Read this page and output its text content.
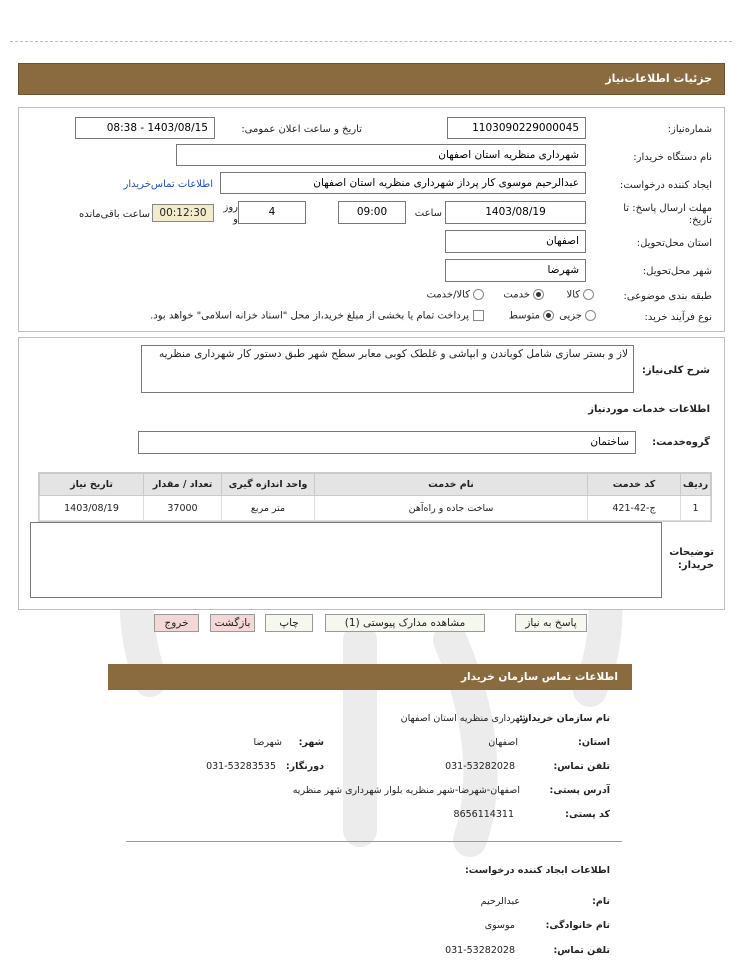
جزئیات اطلاعات‌نیاز
شماره‌نیاز:
1103090229000045
تاریخ و ساعت اعلان عمومی:
1403/08/15 - 08:38
نام دستگاه خریدار:
شهرداری منظریه استان اصفهان
ایجاد کننده درخواست:
عبدالرحیم موسوی کار پرداز شهرداری منظریه استان اصفهان
اطلاعات تماس‌خریدار
مهلت ارسال پاسخ: تا تاریخ:
1403/08/19
ساعت
09:00
4
روز و
00:12:30
ساعت باقی‌مانده
استان محل‌تحویل:
اصفهان
شهر محل‌تحویل:
شهرضا
طبقه بندی موضوعی:
کالا
خدمت
کالا/خدمت
نوع فرآیند خرید:
جزیی
متوسط
پرداخت تمام یا بخشی از مبلغ خرید،از محل "اسناد خزانه اسلامی" خواهد بود.
شرح کلی‌نیاز:
لاز و بستر سازی شامل کوباندن و ابپاشی و غلطک کوبی معابر سطح شهر طبق دستور کار شهرداری منظریه
اطلاعات خدمات موردنیاز
گروه‌خدمت:
ساختمان
ردیف	کد خدمت	نام خدمت	واحد اندازه گیری	تعداد / مقدار	تاریخ نیاز
1	ج-42-421	ساخت جاده و راه‌آهن	متر مربع	37000	1403/08/19
توضیحات خریدار:
پاسخ به نیاز
مشاهده مدارک پیوستی (1)
چاپ
بازگشت
خروج
اطلاعات تماس سازمان خریدار
نام سازمان خریدار:
شهرداری منظریه استان اصفهان
استان:
اصفهان
شهر:
شهرضا
تلفن تماس:
031-53282028
دورنگار:
031-53283535
آدرس پستی:
اصفهان-شهرضا-شهر منظریه بلوار شهرداری شهر منظریه
کد پستی:
8656114311
اطلاعات ایجاد کننده درخواست:
نام:
عبدالرحیم
نام خانوادگی:
موسوی
تلفن تماس:
031-53282028
